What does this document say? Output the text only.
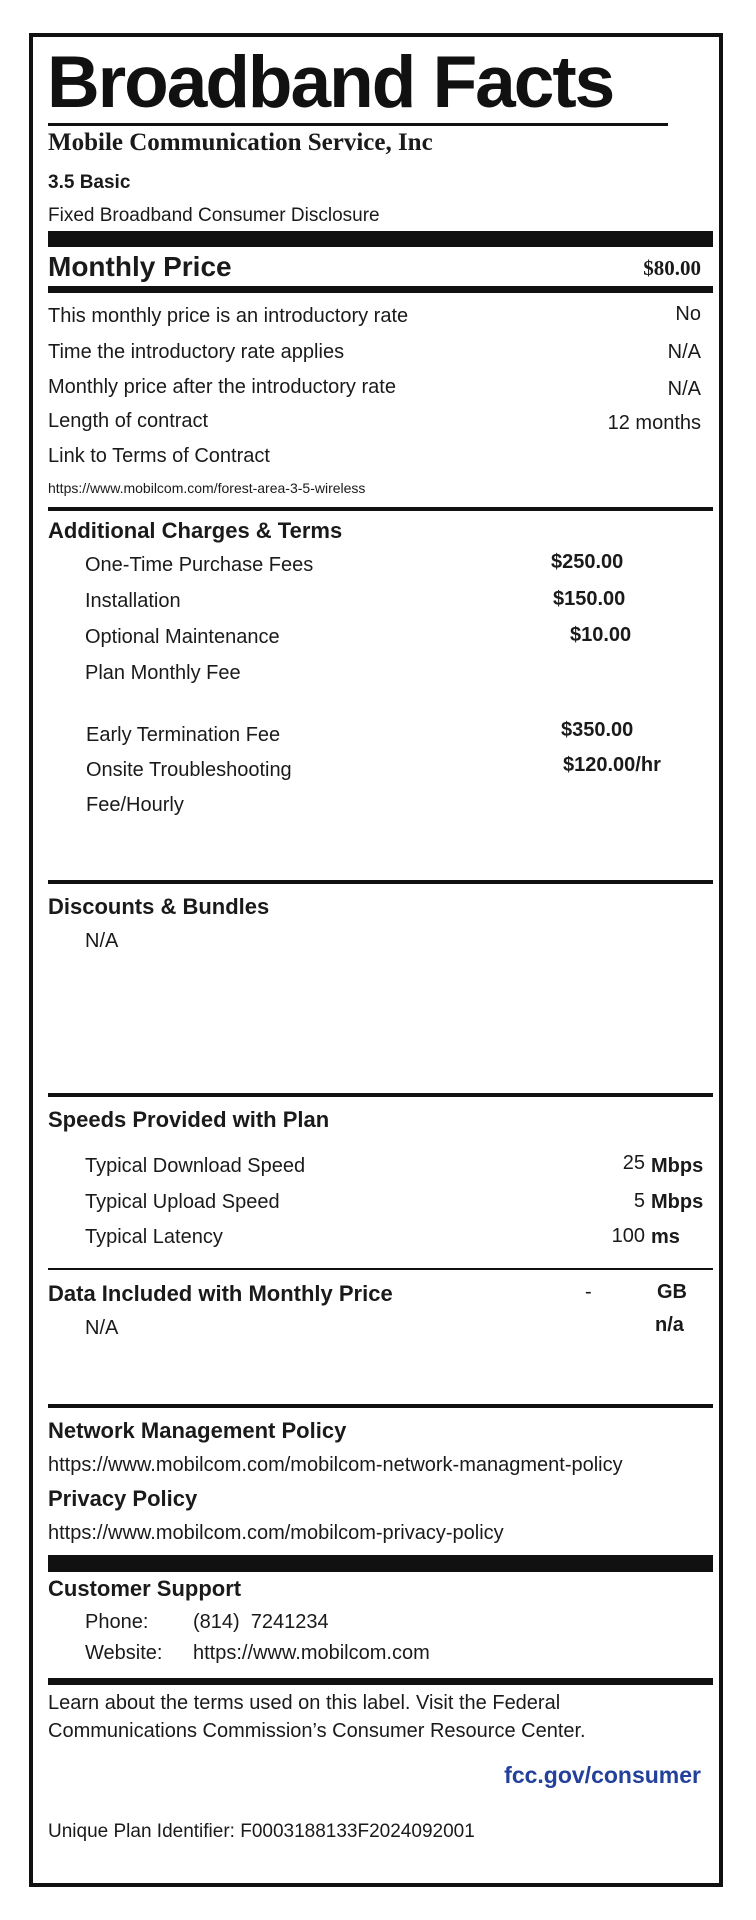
Broadband Facts
Mobile Communication Service, Inc
3.5 Basic
Fixed Broadband Consumer Disclosure
Monthly Price	$80.00
This monthly price is an introductory rate	No
Time the introductory rate applies	N/A
Monthly price after the introductory rate	N/A
Length of contract	12 months
Link to Terms of Contract
https://www.mobilcom.com/forest-area-3-5-wireless
Additional Charges & Terms
One-Time Purchase Fees	$250.00
Installation	$150.00
Optional Maintenance	$10.00
Plan Monthly Fee
Early Termination Fee	$350.00
Onsite Troubleshooting	$120.00/hr
Fee/Hourly
Discounts & Bundles
N/A
Speeds Provided with Plan
Typical Download Speed	25 Mbps
Typical Upload Speed	5 Mbps
Typical Latency	100 ms
Data Included with Monthly Price	-	GB
N/A	n/a
Network Management Policy
https://www.mobilcom.com/mobilcom-network-managment-policy
Privacy Policy
https://www.mobilcom.com/mobilcom-privacy-policy
Customer Support
Phone: (814)  7241234
Website: https://www.mobilcom.com
Learn about the terms used on this label. Visit the Federal
Communications Commission’s Consumer Resource Center.
fcc.gov/consumer
Unique Plan Identifier: F0003188133F2024092001
